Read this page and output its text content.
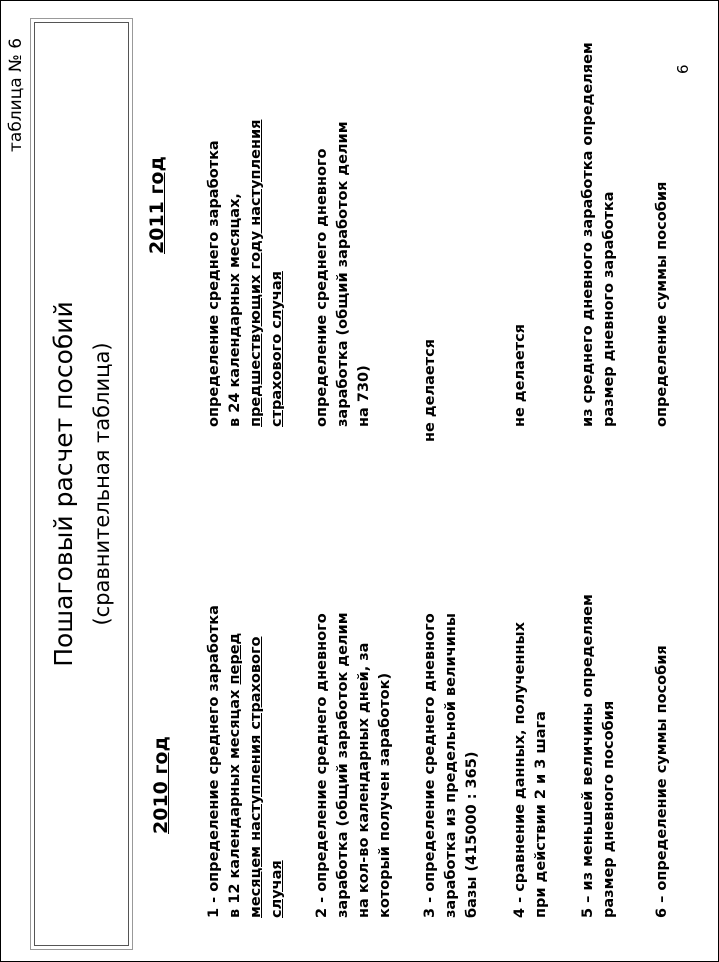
таблица № 6
Пошаговый расчет пособий (сравнительная таблица)
2010 год
2011 год
1 - определение среднего заработка в 12 календарных месяцах перед месяцем наступления страхового случая
определение среднего заработка в 24 календарных месяцах, предшествующих году наступления страхового случая
2 - определение среднего дневного заработка (общий заработок делим на кол-во календарных дней, за который получен заработок)
определение среднего дневного заработка (общий заработок делим на 730)
3 - определение среднего дневного заработка из предельной величины базы (415000 : 365)
не делается
4 - сравнение данных, полученных при действии 2 и 3 шага
не делается
5 – из меньшей величины определяем размер дневного пособия
из среднего дневного заработка определяем размер дневного заработка
6 – определение суммы пособия
определение суммы пособия
6
